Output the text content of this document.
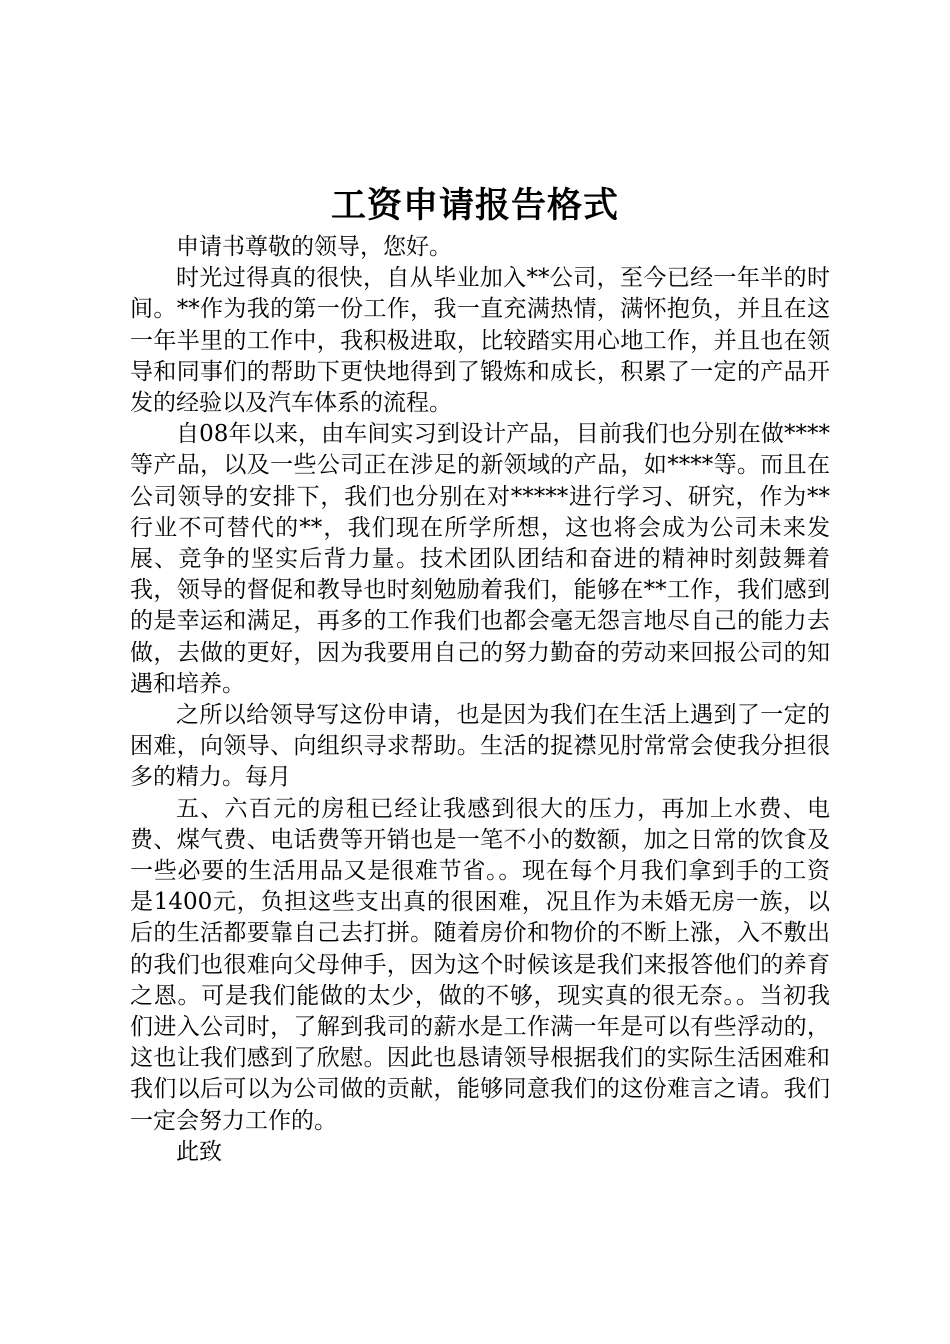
工资申请报告格式

申请书尊敬的领导，您好。

时光过得真的很快，自从毕业加入**公司，至今已经一年半的时间。**作为我的第一份工作，我一直充满热情，满怀抱负，并且在这一年半里的工作中，我积极进取，比较踏实用心地工作，并且也在领导和同事们的帮助下更快地得到了锻炼和成长，积累了一定的产品开发的经验以及汽车体系的流程。

自08年以来，由车间实习到设计产品，目前我们也分别在做****等产品，以及一些公司正在涉足的新领域的产品，如****等。而且在公司领导的安排下，我们也分别在对*****进行学习、研究，作为**行业不可替代的**，我们现在所学所想，这也将会成为公司未来发展、竞争的坚实后背力量。技术团队团结和奋进的精神时刻鼓舞着我，领导的督促和教导也时刻勉励着我们，能够在**工作，我们感到的是幸运和满足，再多的工作我们也都会毫无怨言地尽自己的能力去做，去做的更好，因为我要用自己的努力勤奋的劳动来回报公司的知遇和培养。

之所以给领导写这份申请，也是因为我们在生活上遇到了一定的困难，向领导、向组织寻求帮助。生活的捉襟见肘常常会使我分担很多的精力。每月

五、六百元的房租已经让我感到很大的压力，再加上水费、电费、煤气费、电话费等开销也是一笔不小的数额，加之日常的饮食及一些必要的生活用品又是很难节省。。现在每个月我们拿到手的工资是1400元，负担这些支出真的很困难，况且作为未婚无房一族，以后的生活都要靠自己去打拼。随着房价和物价的不断上涨，入不敷出的我们也很难向父母伸手，因为这个时候该是我们来报答他们的养育之恩。可是我们能做的太少，做的不够，现实真的很无奈。。当初我们进入公司时，了解到我司的薪水是工作满一年是可以有些浮动的，这也让我们感到了欣慰。因此也恳请领导根据我们的实际生活困难和我们以后可以为公司做的贡献，能够同意我们的这份难言之请。我们一定会努力工作的。

此致
